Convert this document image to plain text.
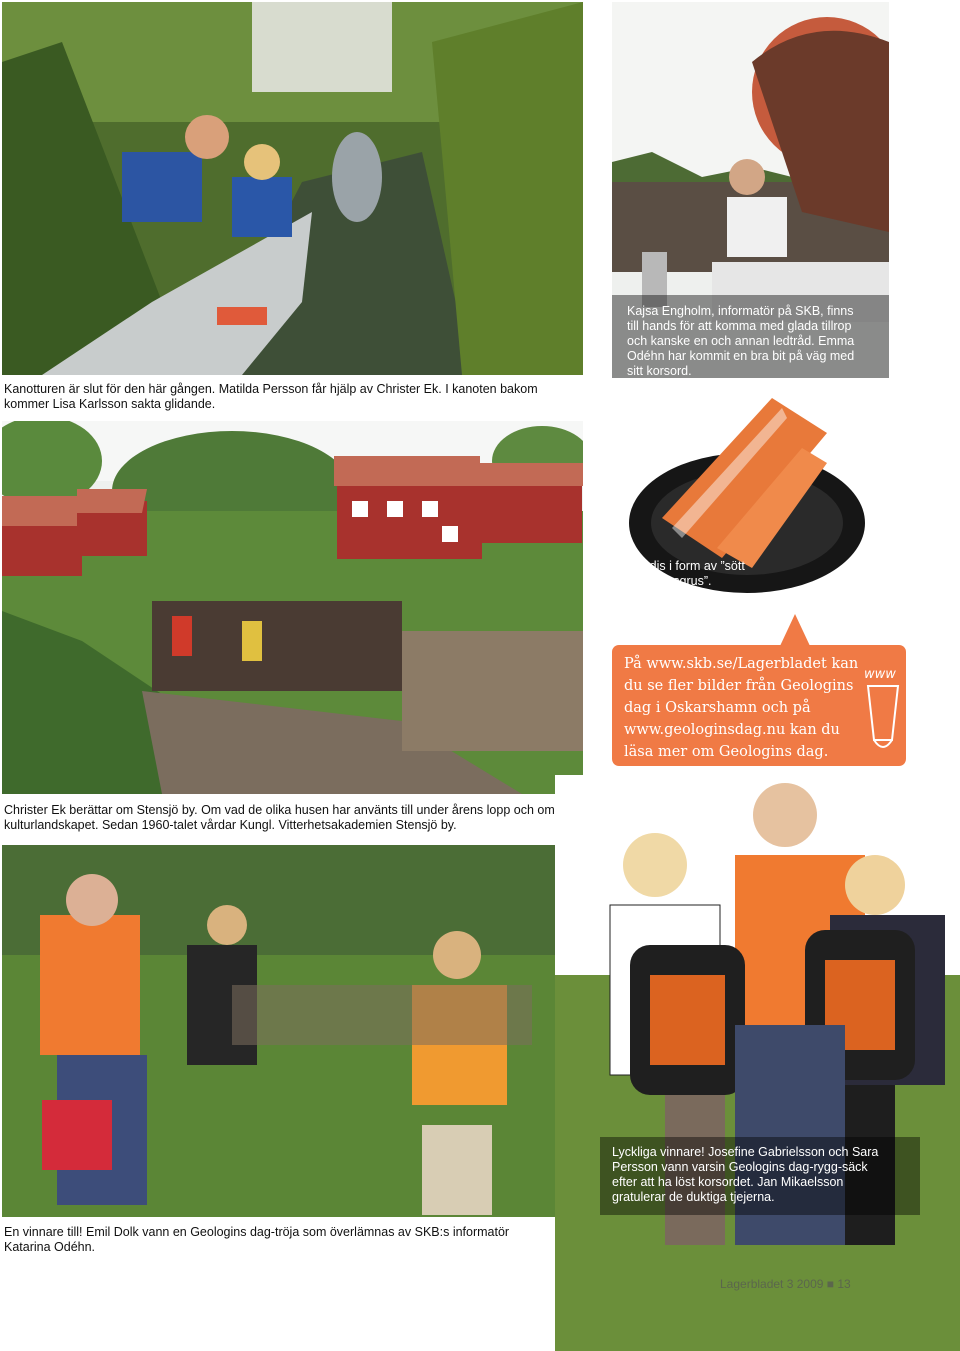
Kanotturen är slut för den här gången. Matilda Persson får hjälp av Christer Ek. I kanoten bakom kommer Lisa Karlsson sakta glidande.
Kajsa Engholm, informatör på SKB, finns till hands för att komma med glada tillrop och kanske en och annan ledtråd. Emma Odéhn har kommit en bra bit på väg med sitt korsord.
Godis i form av ”sött rullstensgrus”.
Christer Ek berättar om Stensjö by. Om vad de olika husen har använts till under årens lopp och om kulturlandskapet. Sedan 1960-talet vårdar Kungl. Vitterhetsakademien Stensjö by.
På www.skb.se/Lagerbladet kan du se fler bilder från Geologins dag i Oskarshamn och på www.geologinsdag.nu kan du läsa mer om Geologins dag.
www
En vinnare till! Emil Dolk vann en Geologins dag-tröja som överlämnas av SKB:s informatör Katarina Odéhn.
Lyckliga vinnare! Josefine Gabrielsson och Sara Persson vann varsin Geologins dag-rygg-säck efter att ha löst korsordet. Jan Mikaelsson gratulerar de duktiga tjejerna.
Lagerbladet 3 2009 ■ 13
